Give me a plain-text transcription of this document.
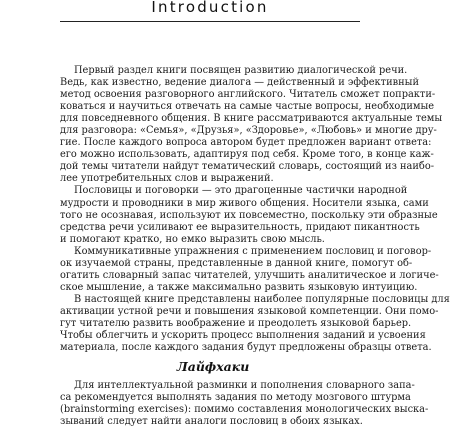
Introduction

Первый раздел книги посвящен развитию диалогической речи.
Ведь, как известно, ведение диалога — действенный и эффективный
метод освоения разговорного английского. Читатель сможет попракти-
коваться и научиться отвечать на самые частые вопросы, необходимые
для повседневного общения. В книге рассматриваются актуальные темы
для разговора: «Семья», «Друзья», «Здоровье», «Любовь» и многие дру-
гие. После каждого вопроса автором будет предложен вариант ответа:
его можно использовать, адаптируя под себя. Кроме того, в конце каж-
дой темы читатели найдут тематический словарь, состоящий из наибо-
лее употребительных слов и выражений.

Пословицы и поговорки — это драгоценные частички народной
мудрости и проводники в мир живого общения. Носители языка, сами
того не осознавая, используют их повсеместно, поскольку эти образные
средства речи усиливают ее выразительность, придают пикантность
и помогают кратко, но емко выразить свою мысль.

Коммуникативные упражнения с применением пословиц и поговор-
ок изучаемой страны, представленные в данной книге, помогут об-
огатить словарный запас читателей, улучшить аналитическое и логиче-
ское мышление, а также максимально развить языковую интуицию.
В настоящей книге представлены наиболее популярные пословицы для
активации устной речи и повышения языковой компетенции. Они помо-
гут читателю развить воображение и преодолеть языковой барьер.
Чтобы облегчить и ускорить процесс выполнения заданий и усвоения
материала, после каждого задания будут предложены образцы ответа.

Лайфхаки

Для интеллектуальной разминки и пополнения словарного запа-
са рекомендуется выполнять задания по методу мозгового штурма
(brainstorming exercises): помимо составления монологических выска-
зываний следует найти аналоги пословиц в обоих языках.
